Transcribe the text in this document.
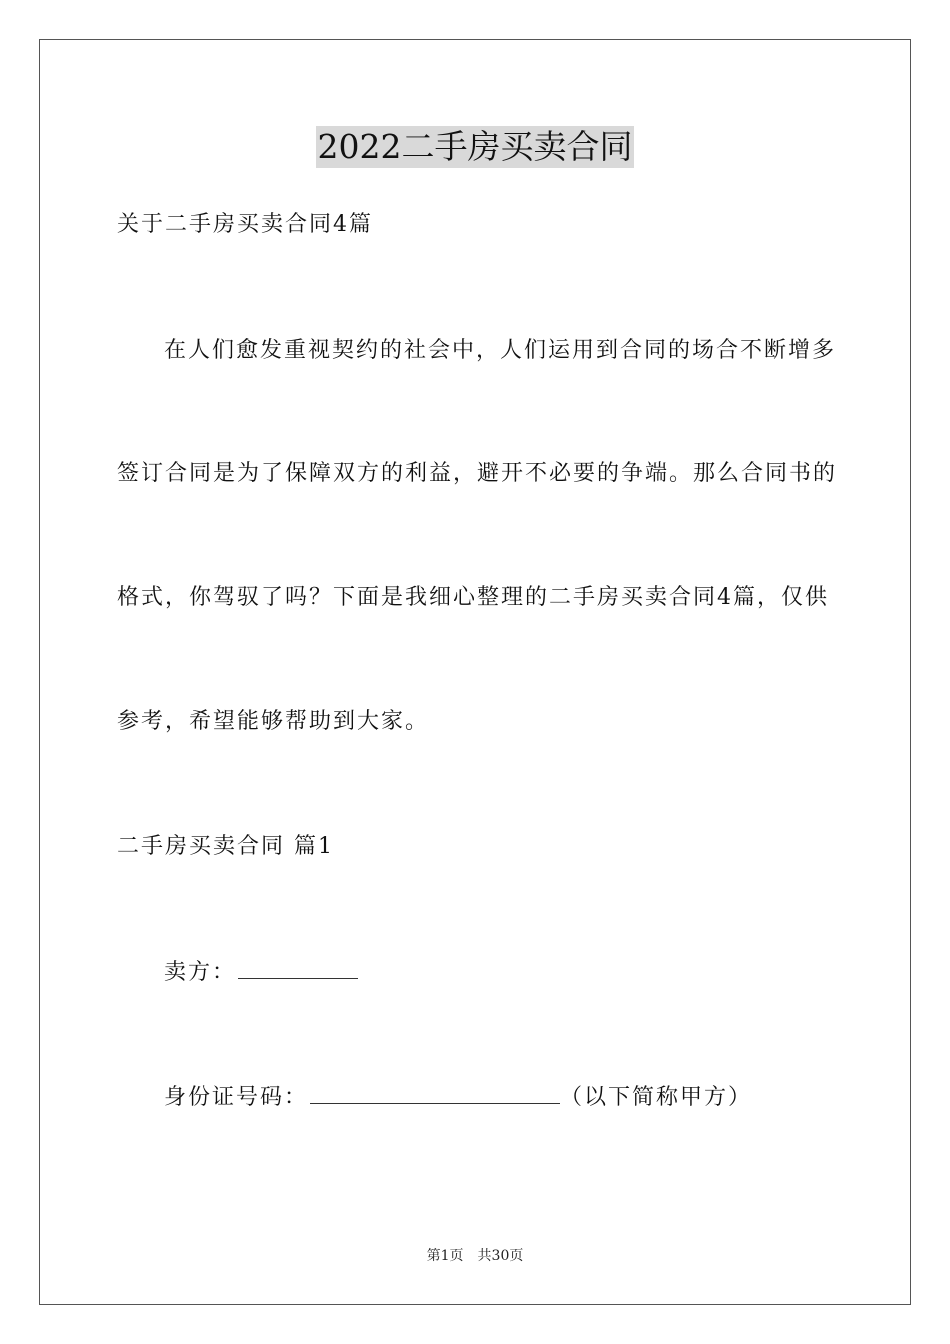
2022二手房买卖合同
关于二手房买卖合同4篇
在人们愈发重视契约的社会中，人们运用到合同的场合不断增多
签订合同是为了保障双方的利益，避开不必要的争端。那么合同书的
格式，你驾驭了吗？下面是我细心整理的二手房买卖合同4篇，仅供
参考，希望能够帮助到大家。
二手房买卖合同 篇1
卖方：
身份证号码：	（以下简称甲方）
第1页 共30页
